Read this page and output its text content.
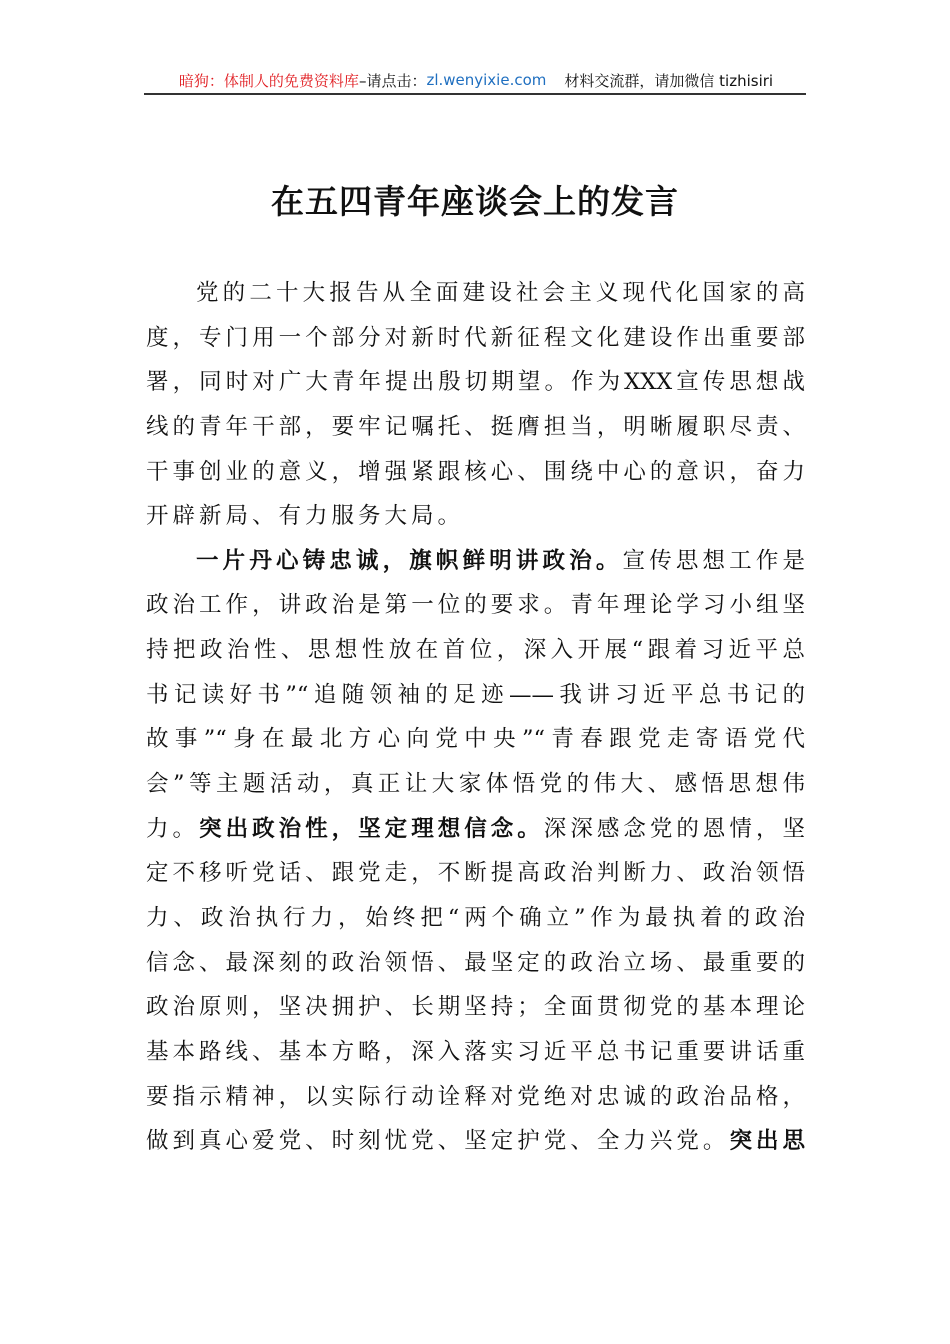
暗狗：体制人的免费资料库 –请点击： zl.wenyixie.com 材料交流群，请加微信 tizhisiri
在五四青年座谈会上的发言
党的二十大报告从全面建设社会主义现代化国家的高
度，专门用一个部分对新时代新征程文化建设作出重要部
署，同时对广大青年提出殷切期望。作为XXX宣传思想战
线的青年干部，要牢记嘱托、挺膺担当，明晰履职尽责、
干事创业的意义，增强紧跟核心、围绕中心的意识，奋力
开辟新局、有力服务大局。
一片丹心铸忠诚，旗帜鲜明讲政治。宣传思想工作是
政治工作，讲政治是第一位的要求。青年理论学习小组坚
持把政治性、思想性放在首位，深入开展“跟着习近平总
书记读好书”“追随领袖的足迹——我讲习近平总书记的
故事”“身在最北方心向党中央”“青春跟党走寄语党代
会”等主题活动，真正让大家体悟党的伟大、感悟思想伟
力。突出政治性，坚定理想信念。深深感念党的恩情，坚
定不移听党话、跟党走，不断提高政治判断力、政治领悟
力、政治执行力，始终把“两个确立”作为最执着的政治
信念、最深刻的政治领悟、最坚定的政治立场、最重要的
政治原则，坚决拥护、长期坚持；全面贯彻党的基本理论
基本路线、基本方略，深入落实习近平总书记重要讲话重
要指示精神，以实际行动诠释对党绝对忠诚的政治品格，
做到真心爱党、时刻忧党、坚定护党、全力兴党。突出思
